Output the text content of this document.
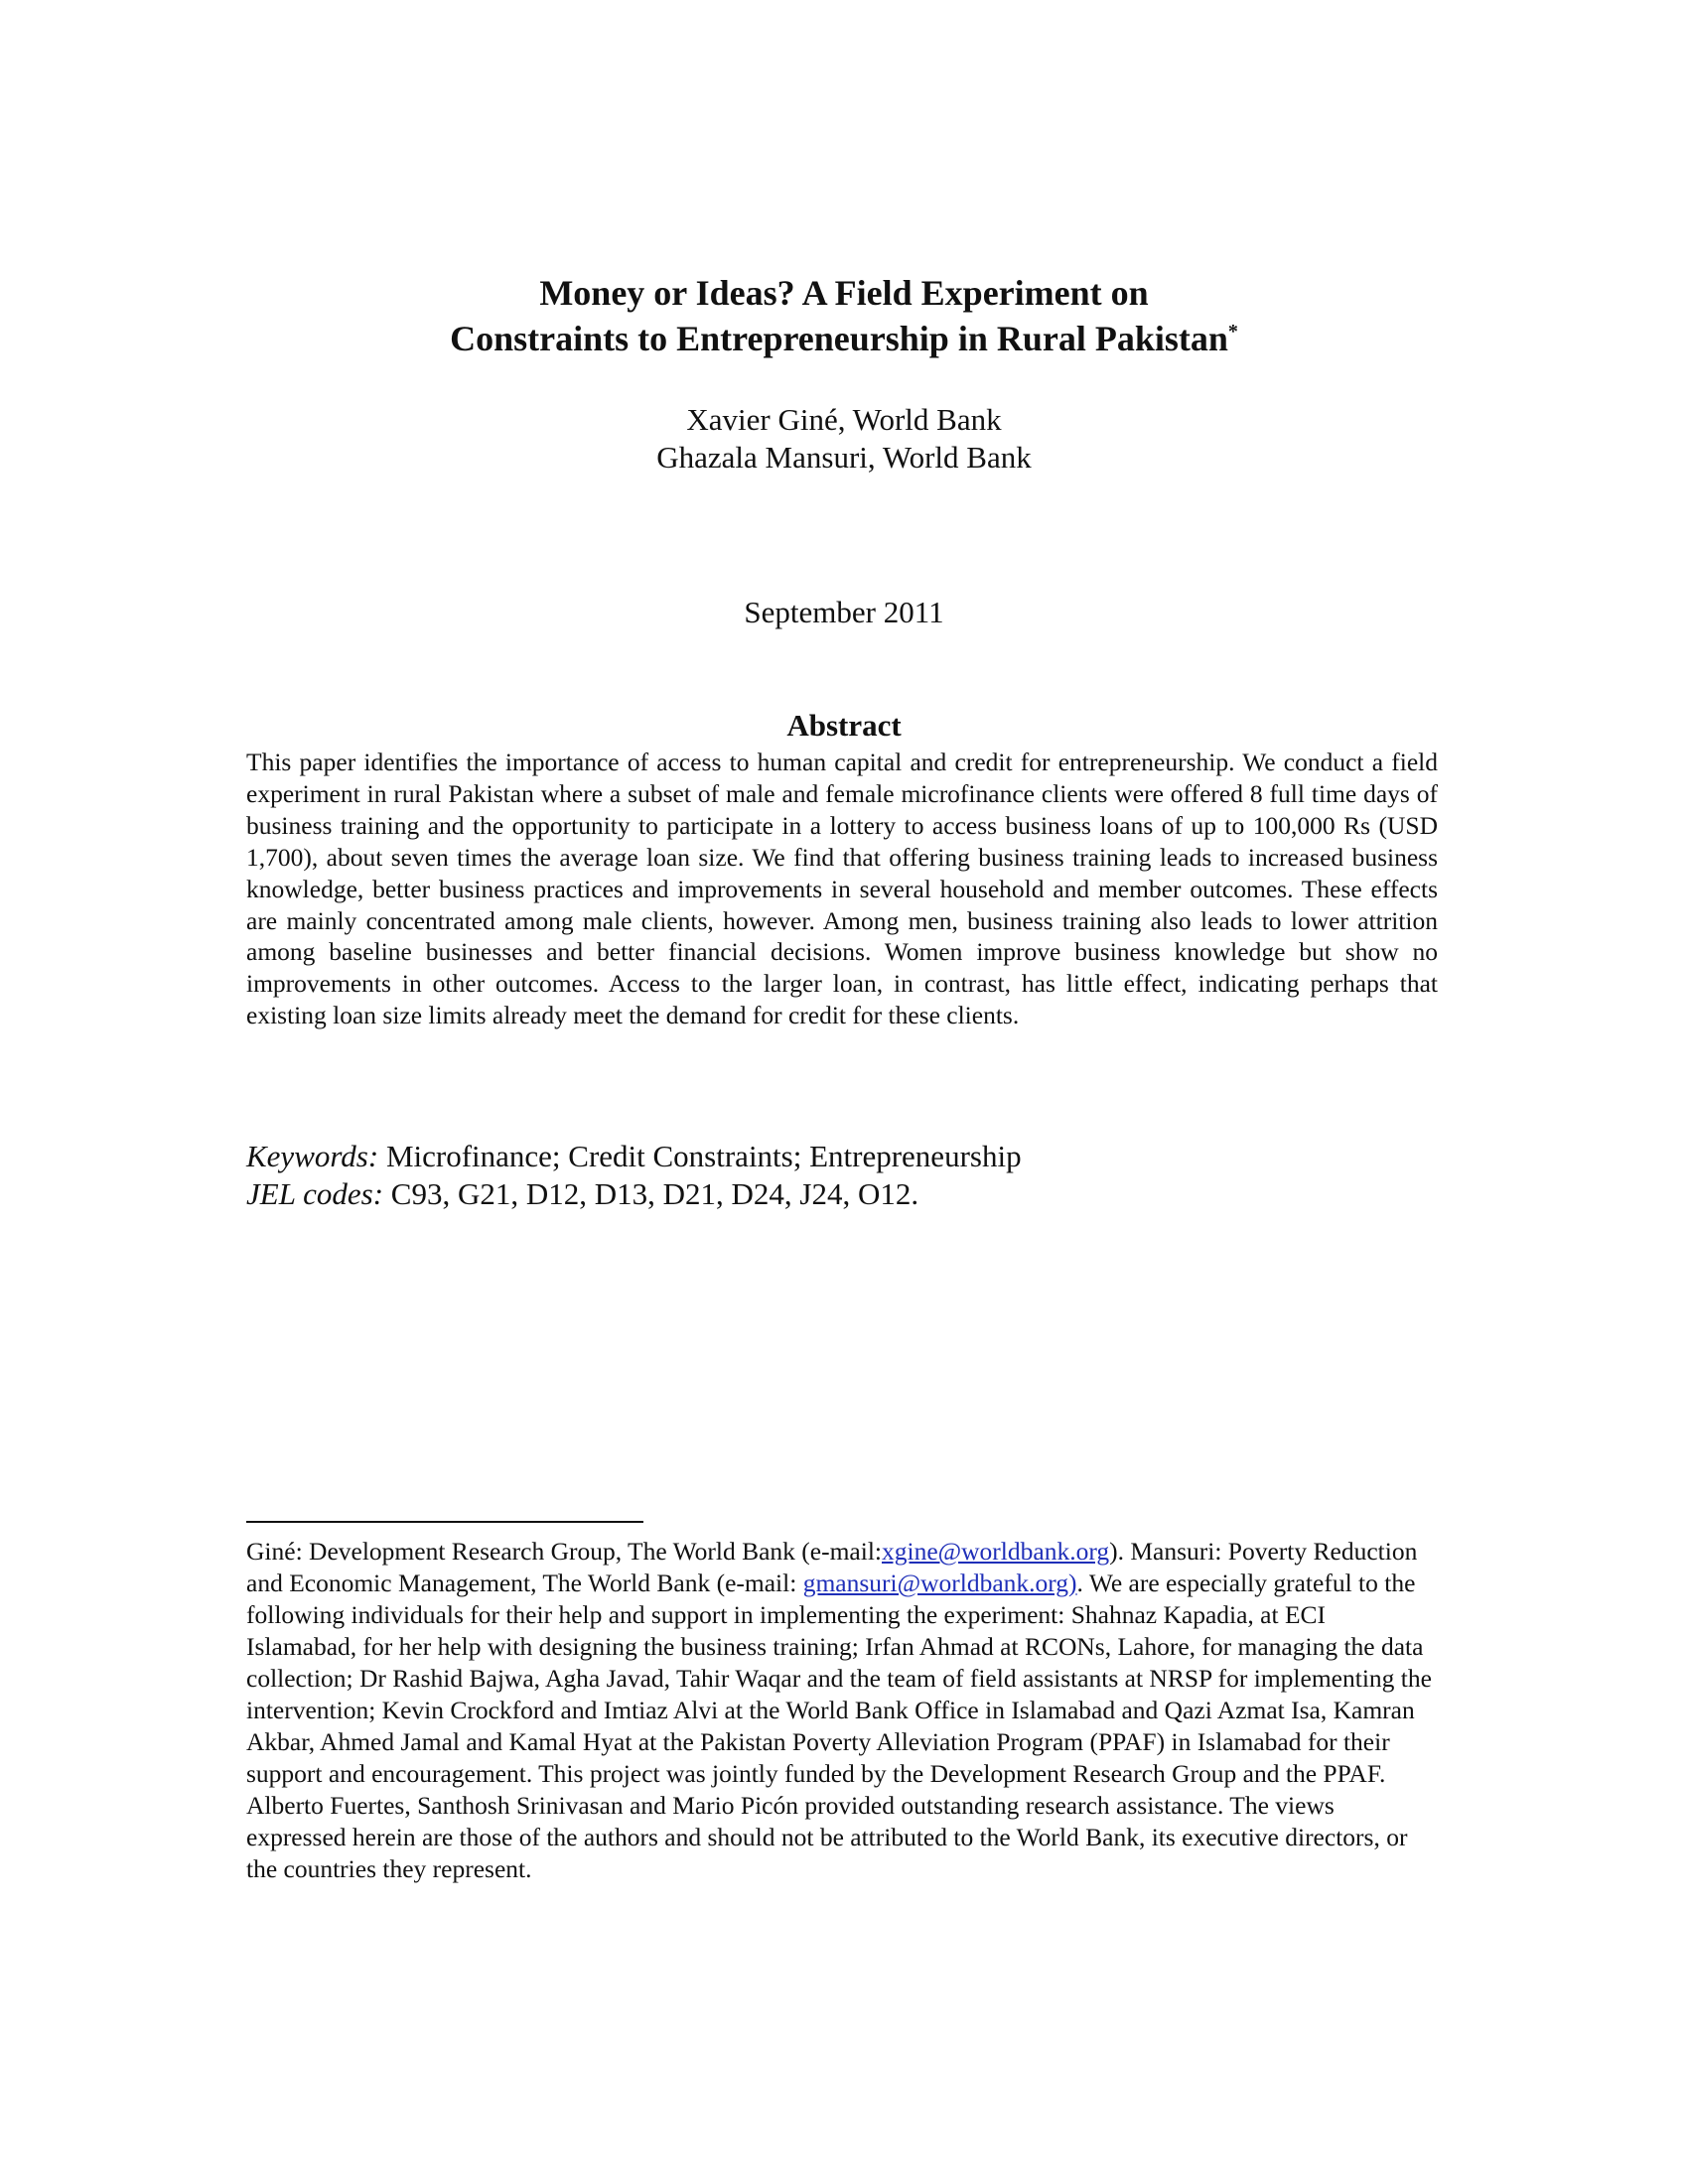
Money or Ideas? A Field Experiment on
Constraints to Entrepreneurship in Rural Pakistan*
Xavier Giné, World Bank
Ghazala Mansuri, World Bank
September 2011
Abstract
This paper identifies the importance of access to human capital and credit for entrepreneurship. We conduct a field experiment in rural Pakistan where a subset of male and female microfinance clients were offered 8 full time days of business training and the opportunity to participate in a lottery to access business loans of up to 100,000 Rs (USD 1,700), about seven times the average loan size. We find that offering business training leads to increased business knowledge, better business practices and improvements in several household and member outcomes. These effects are mainly concentrated among male clients, however. Among men, business training also leads to lower attrition among baseline businesses and better financial decisions. Women improve business knowledge but show no improvements in other outcomes. Access to the larger loan, in contrast, has little effect, indicating perhaps that existing loan size limits already meet the demand for credit for these clients.
Keywords: Microfinance; Credit Constraints; Entrepreneurship
JEL codes: C93, G21, D12, D13, D21, D24, J24, O12.
Giné: Development Research Group, The World Bank (e-mail:xgine@worldbank.org). Mansuri: Poverty Reduction and Economic Management, The World Bank (e-mail: gmansuri@worldbank.org). We are especially grateful to the following individuals for their help and support in implementing the experiment: Shahnaz Kapadia, at ECI Islamabad, for her help with designing the business training; Irfan Ahmad at RCONs, Lahore, for managing the data collection; Dr Rashid Bajwa, Agha Javad, Tahir Waqar and the team of field assistants at NRSP for implementing the intervention; Kevin Crockford and Imtiaz Alvi at the World Bank Office in Islamabad and Qazi Azmat Isa, Kamran Akbar, Ahmed Jamal and Kamal Hyat at the Pakistan Poverty Alleviation Program (PPAF) in Islamabad for their support and encouragement. This project was jointly funded by the Development Research Group and the PPAF. Alberto Fuertes, Santhosh Srinivasan and Mario Picón provided outstanding research assistance. The views expressed herein are those of the authors and should not be attributed to the World Bank, its executive directors, or the countries they represent.
